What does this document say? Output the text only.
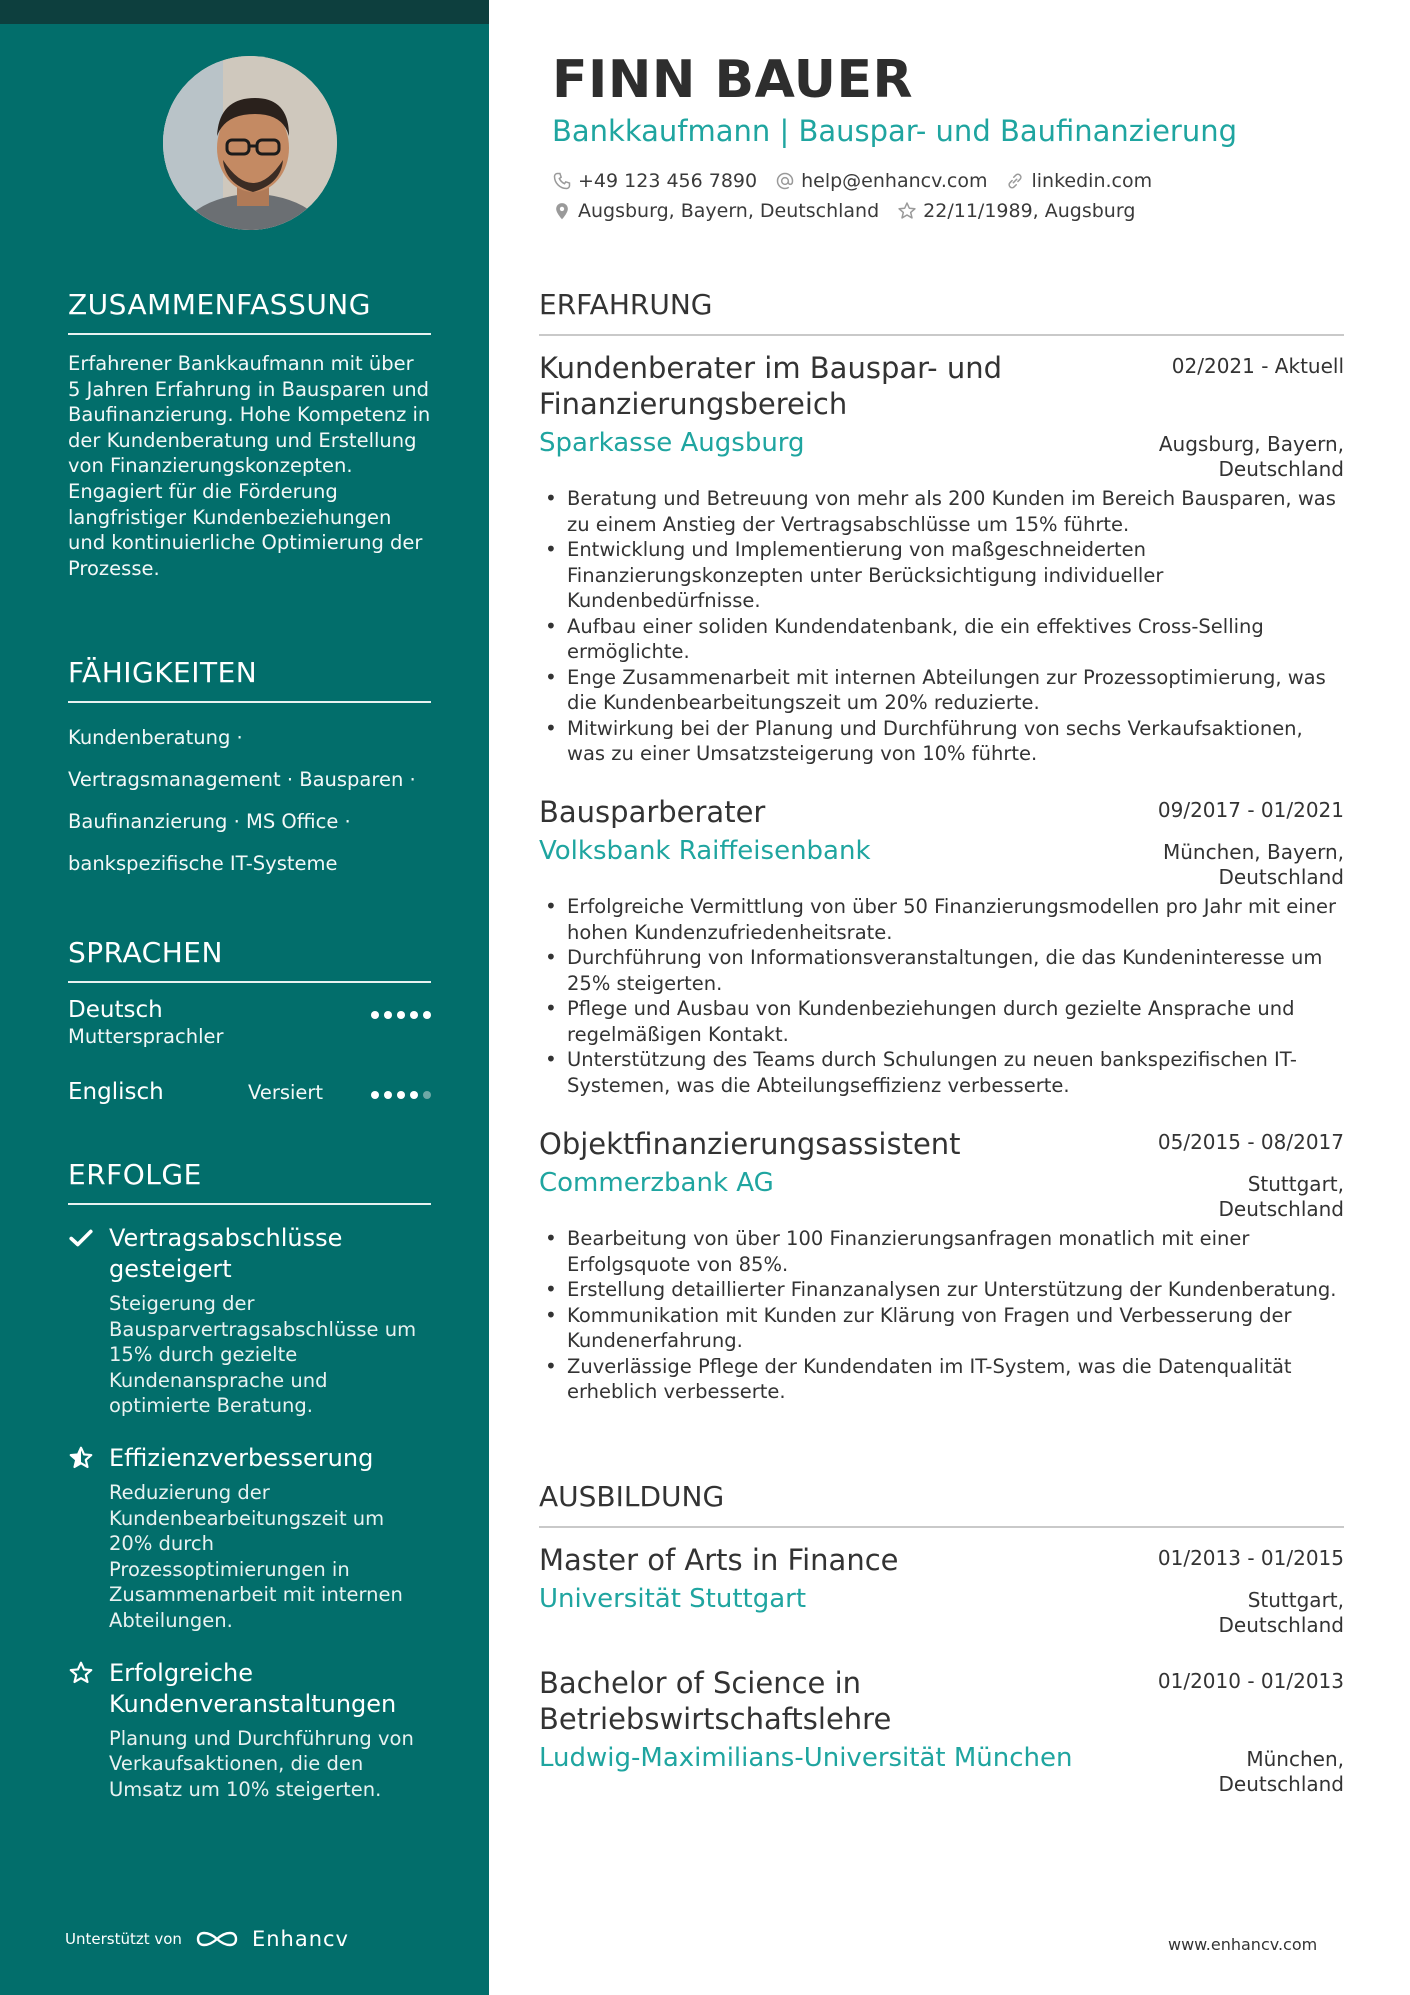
ZUSAMMENFASSUNG
Erfahrener Bankkaufmann mit über 5 Jahren Erfahrung in Bausparen und Baufinanzierung. Hohe Kompetenz in der Kundenberatung und Erstellung von Finanzierungskonzepten. Engagiert für die Förderung langfristiger Kundenbeziehungen und kontinuierliche Optimierung der Prozesse.
FÄHIGKEITEN
Kundenberatung ·
Vertragsmanagement · Bausparen ·
Baufinanzierung · MS Office ·
bankspezifische IT-Systeme
SPRACHEN
Deutsch
Muttersprachler
Englisch	Versiert
ERFOLGE
Vertragsabschlüsse gesteigert
Steigerung der Bausparvertragsabschlüsse um 15% durch gezielte Kundenansprache und optimierte Beratung.
Effizienzverbesserung
Reduzierung der Kundenbearbeitungszeit um 20% durch Prozessoptimierungen in Zusammenarbeit mit internen Abteilungen.
Erfolgreiche Kundenveranstaltungen
Planung und Durchführung von Verkaufsaktionen, die den Umsatz um 10% steigerten.
Unterstützt von	Enhancv
FINN BAUER
Bankkaufmann | Bauspar- und Baufinanzierung
+49 123 456 7890 help@enhancv.com linkedin.com
Augsburg, Bayern, Deutschland 22/11/1989, Augsburg
ERFAHRUNG
Kundenberater im Bauspar- und Finanzierungsbereich
02/2021 - Aktuell
Sparkasse Augsburg	Augsburg, Bayern,
Deutschland
• Beratung und Betreuung von mehr als 200 Kunden im Bereich Bausparen, was zu einem Anstieg der Vertragsabschlüsse um 15% führte.
• Entwicklung und Implementierung von maßgeschneiderten Finanzierungskonzepten unter Berücksichtigung individueller Kundenbedürfnisse.
• Aufbau einer soliden Kundendatenbank, die ein effektives Cross-Selling ermöglichte.
• Enge Zusammenarbeit mit internen Abteilungen zur Prozessoptimierung, was die Kundenbearbeitungszeit um 20% reduzierte.
• Mitwirkung bei der Planung und Durchführung von sechs Verkaufsaktionen, was zu einer Umsatzsteigerung von 10% führte.
Bausparberater	09/2017 - 01/2021
Volksbank Raiffeisenbank	München, Bayern,
Deutschland
• Erfolgreiche Vermittlung von über 50 Finanzierungsmodellen pro Jahr mit einer hohen Kundenzufriedenheitsrate.
• Durchführung von Informationsveranstaltungen, die das Kundeninteresse um 25% steigerten.
• Pflege und Ausbau von Kundenbeziehungen durch gezielte Ansprache und regelmäßigen Kontakt.
• Unterstützung des Teams durch Schulungen zu neuen bankspezifischen IT-Systemen, was die Abteilungseffizienz verbesserte.
Objektfinanzierungsassistent	05/2015 - 08/2017
Commerzbank AG	Stuttgart,
Deutschland
• Bearbeitung von über 100 Finanzierungsanfragen monatlich mit einer Erfolgsquote von 85%.
• Erstellung detaillierter Finanzanalysen zur Unterstützung der Kundenberatung.
• Kommunikation mit Kunden zur Klärung von Fragen und Verbesserung der Kundenerfahrung.
• Zuverlässige Pflege der Kundendaten im IT-System, was die Datenqualität erheblich verbesserte.
AUSBILDUNG
Master of Arts in Finance	01/2013 - 01/2015
Universität Stuttgart	Stuttgart,
Deutschland
Bachelor of Science in Betriebswirtschaftslehre
01/2010 - 01/2013
Ludwig-Maximilians-Universität München	München,
Deutschland
www.enhancv.com
